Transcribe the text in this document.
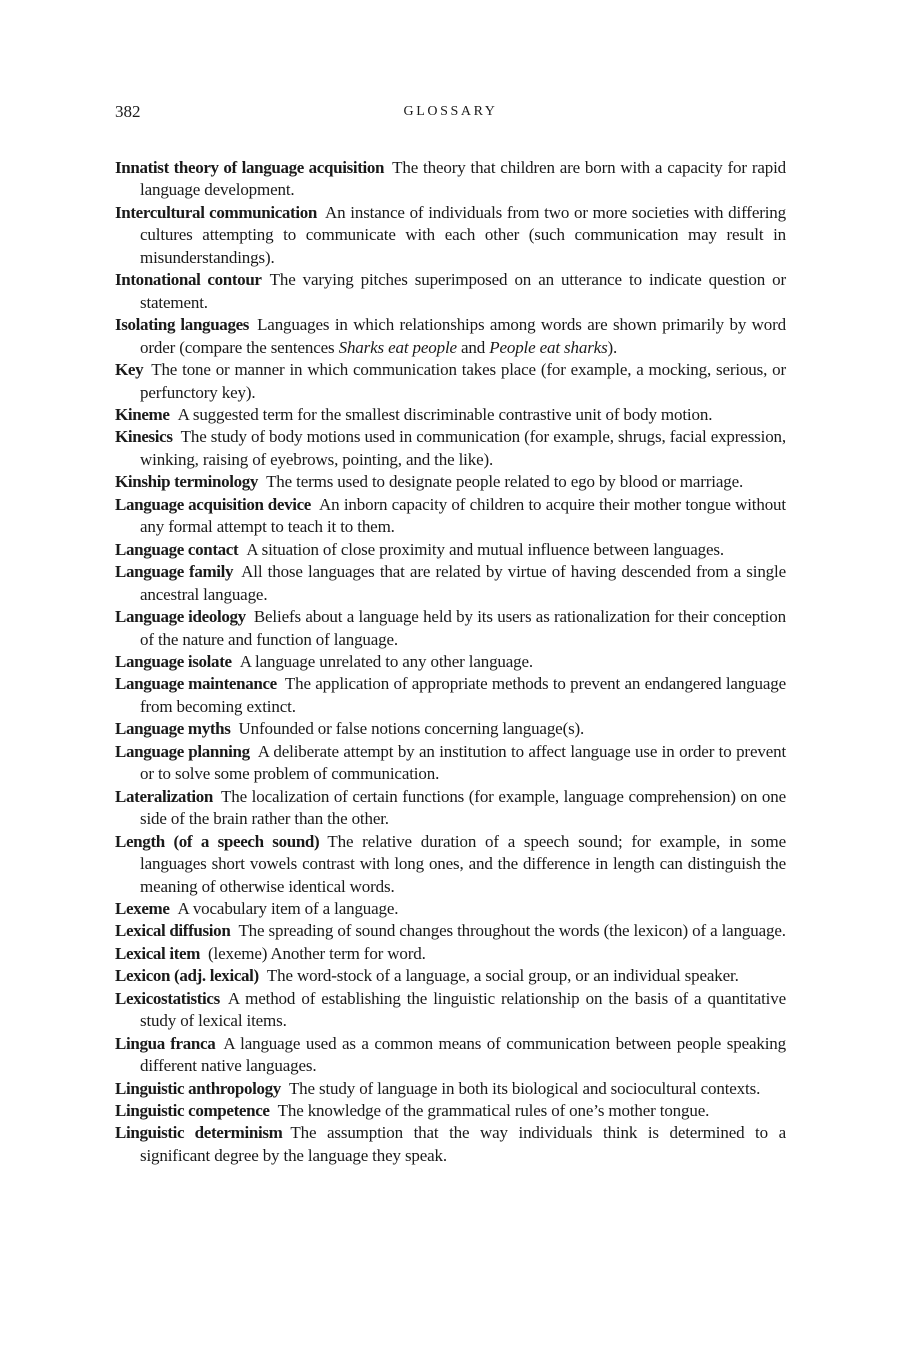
382	GLOSSARY
Innatist theory of language acquisition The theory that children are born with a capacity for rapid language development.
Intercultural communication An instance of individuals from two or more societies with differing cultures attempting to communicate with each other (such communication may result in misunderstandings).
Intonational contour The varying pitches superimposed on an utterance to indicate question or statement.
Isolating languages Languages in which relationships among words are shown primarily by word order (compare the sentences Sharks eat people and People eat sharks).
Key The tone or manner in which communication takes place (for example, a mocking, serious, or perfunctory key).
Kineme A suggested term for the smallest discriminable contrastive unit of body motion.
Kinesics The study of body motions used in communication (for example, shrugs, facial expression, winking, raising of eyebrows, pointing, and the like).
Kinship terminology The terms used to designate people related to ego by blood or marriage.
Language acquisition device An inborn capacity of children to acquire their mother tongue without any formal attempt to teach it to them.
Language contact A situation of close proximity and mutual influence between languages.
Language family All those languages that are related by virtue of having descended from a single ancestral language.
Language ideology Beliefs about a language held by its users as rationalization for their conception of the nature and function of language.
Language isolate A language unrelated to any other language.
Language maintenance The application of appropriate methods to prevent an endangered language from becoming extinct.
Language myths Unfounded or false notions concerning language(s).
Language planning A deliberate attempt by an institution to affect language use in order to prevent or to solve some problem of communication.
Lateralization The localization of certain functions (for example, language comprehension) on one side of the brain rather than the other.
Length (of a speech sound) The relative duration of a speech sound; for example, in some languages short vowels contrast with long ones, and the difference in length can distinguish the meaning of otherwise identical words.
Lexeme A vocabulary item of a language.
Lexical diffusion The spreading of sound changes throughout the words (the lexicon) of a language.
Lexical item (lexeme) Another term for word.
Lexicon (adj. lexical) The word-stock of a language, a social group, or an individual speaker.
Lexicostatistics A method of establishing the linguistic relationship on the basis of a quantitative study of lexical items.
Lingua franca A language used as a common means of communication between people speaking different native languages.
Linguistic anthropology The study of language in both its biological and sociocultural contexts.
Linguistic competence The knowledge of the grammatical rules of one’s mother tongue.
Linguistic determinism The assumption that the way individuals think is determined to a significant degree by the language they speak.
